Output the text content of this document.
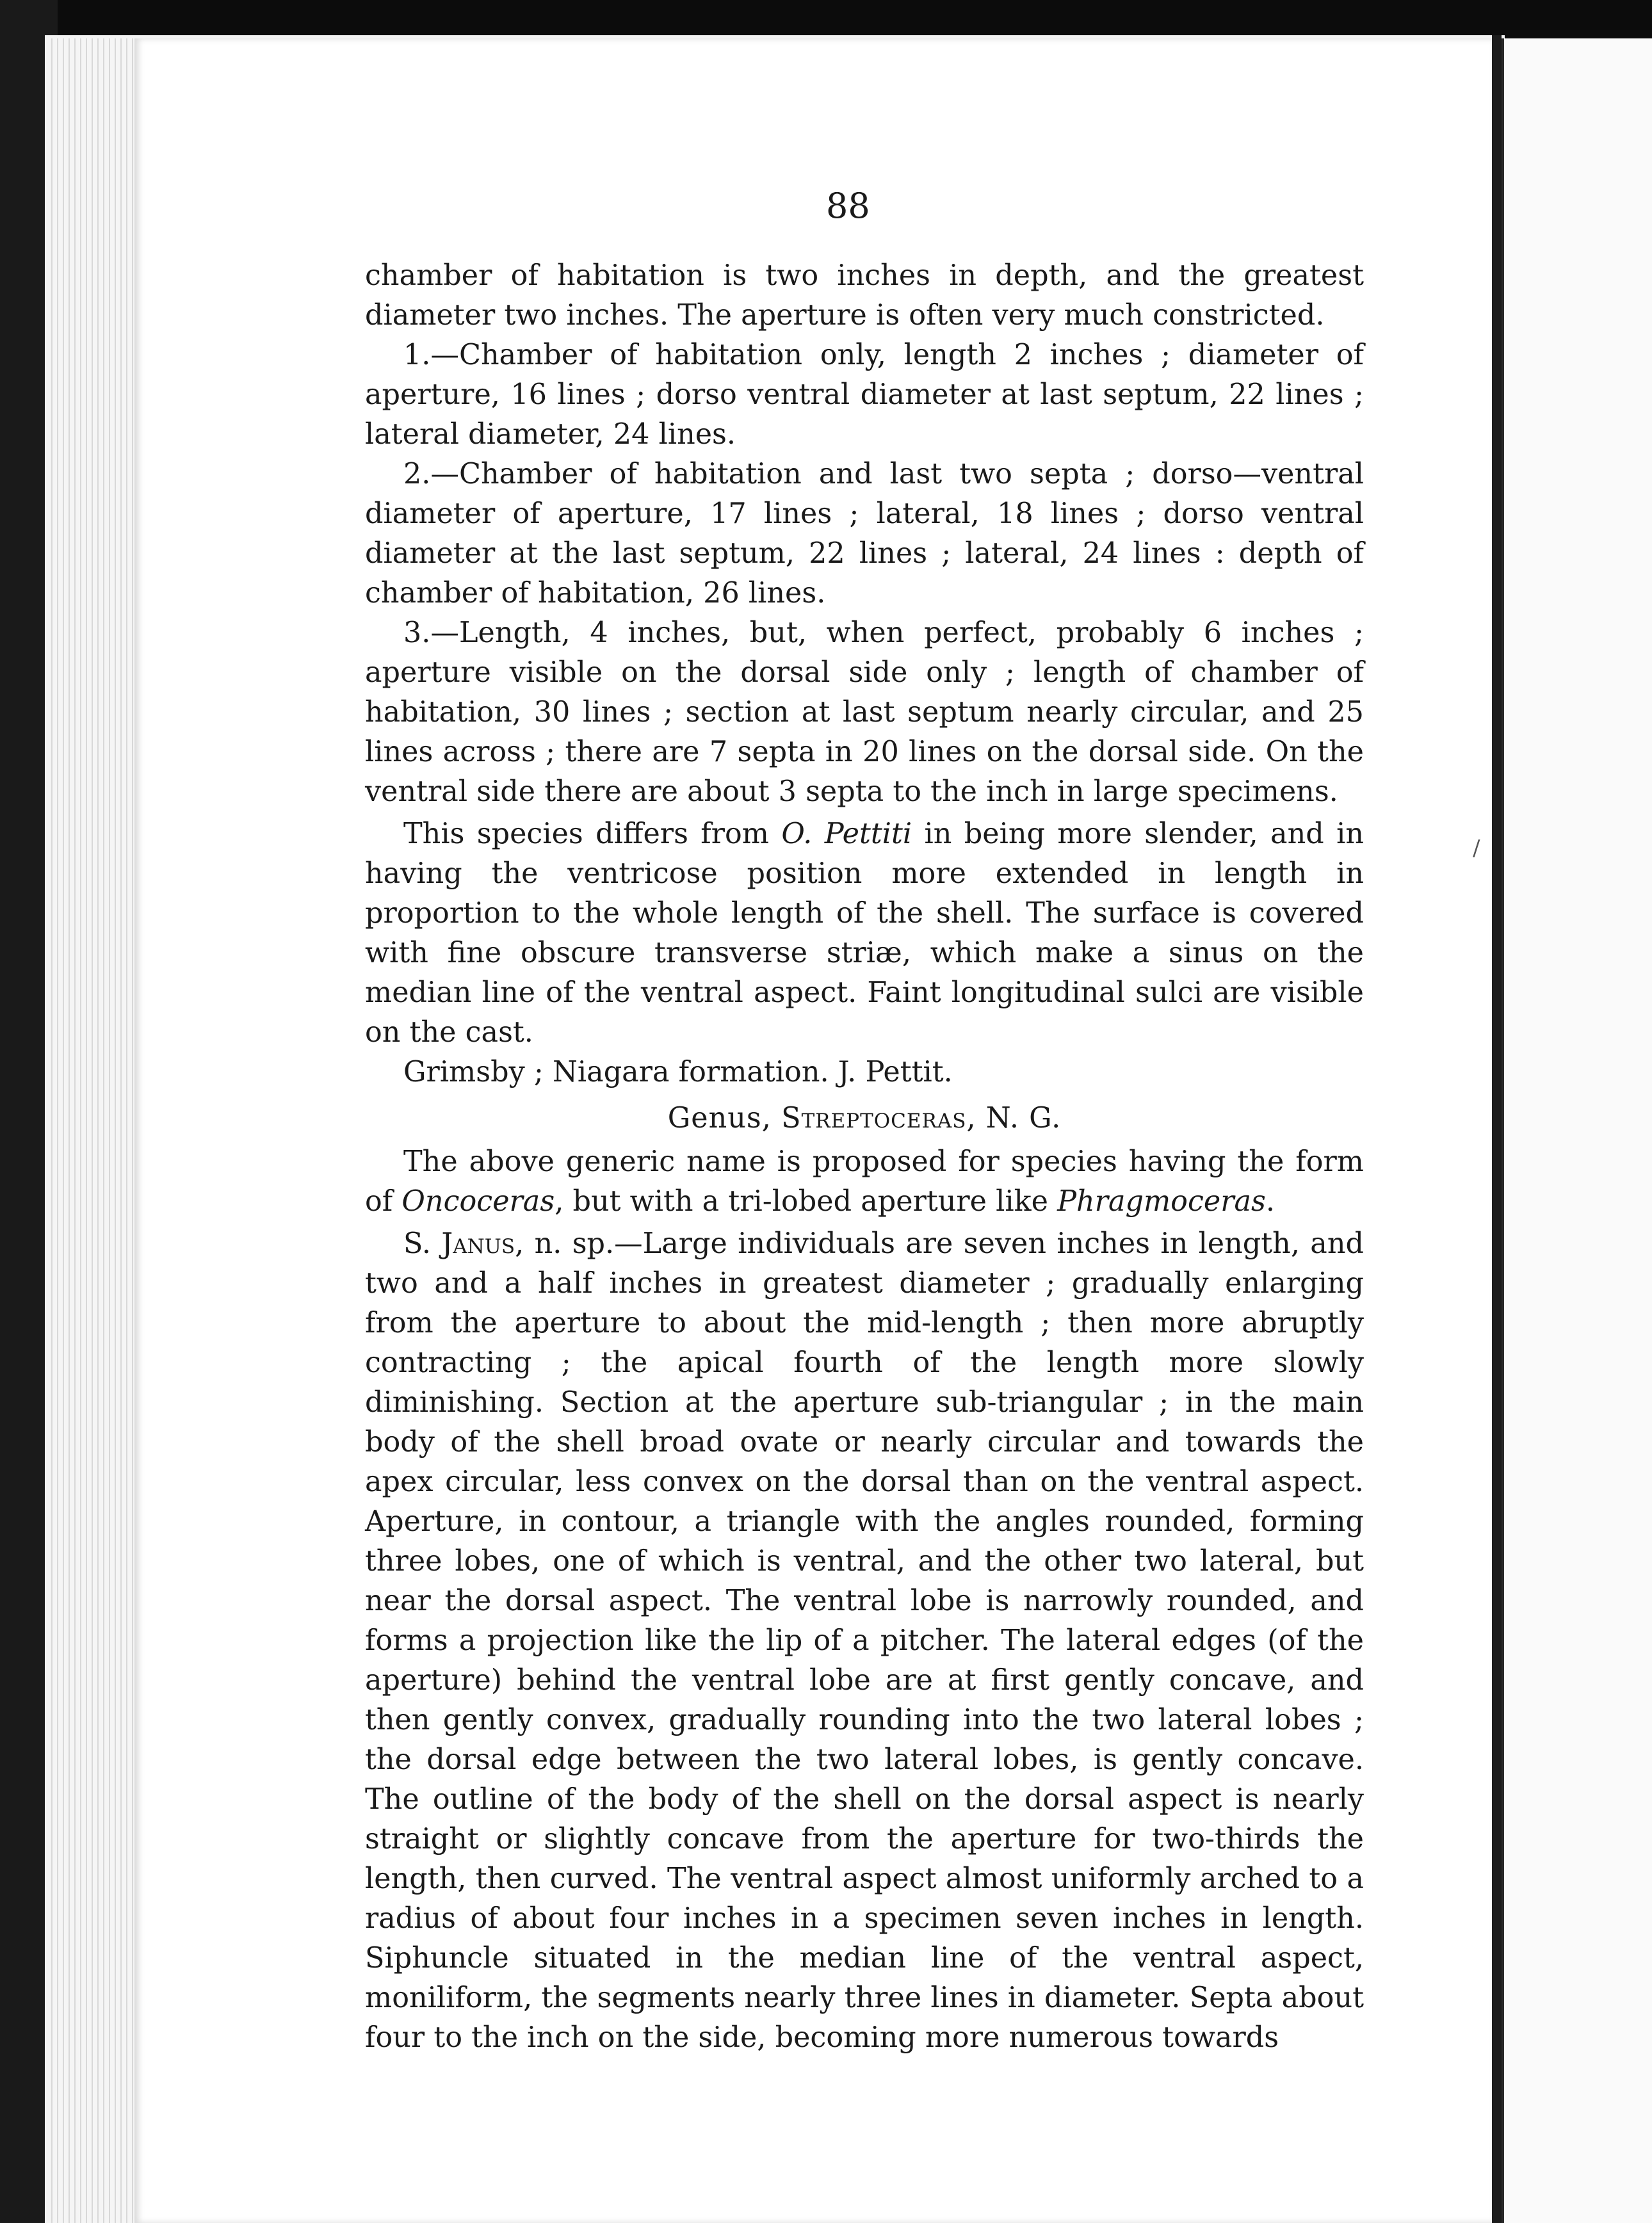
/
88

chamber of habitation is two inches in depth, and the greatest diameter two inches. The aperture is often very much constricted.

1.—Chamber of habitation only, length 2 inches ; diameter of aperture, 16 lines ; dorso ventral diameter at last septum, 22 lines ; lateral diameter, 24 lines.

2.—Chamber of habitation and last two septa ; dorso—ventral diameter of aperture, 17 lines ; lateral, 18 lines ; dorso ventral diameter at the last septum, 22 lines ; lateral, 24 lines : depth of chamber of habitation, 26 lines.

3.—Length, 4 inches, but, when perfect, probably 6 inches ; aperture visible on the dorsal side only ; length of chamber of habitation, 30 lines ; section at last septum nearly circular, and 25 lines across ; there are 7 septa in 20 lines on the dorsal side. On the ventral side there are about 3 septa to the inch in large specimens.

This species differs from O. Pettiti in being more slender, and in having the ventricose position more extended in length in proportion to the whole length of the shell. The surface is covered with fine obscure transverse striæ, which make a sinus on the median line of the ventral aspect. Faint longitudinal sulci are visible on the cast.

Grimsby ; Niagara formation. J. Pettit.

Genus, Streptoceras, N. G.

The above generic name is proposed for species having the form of Oncoceras, but with a tri-lobed aperture like Phragmoceras.

S. Janus, n. sp.—Large individuals are seven inches in length, and two and a half inches in greatest diameter ; gradually enlarging from the aperture to about the mid-length ; then more abruptly contracting ; the apical fourth of the length more slowly diminishing. Section at the aperture sub-triangular ; in the main body of the shell broad ovate or nearly circular and towards the apex circular, less convex on the dorsal than on the ventral aspect. Aperture, in contour, a triangle with the angles rounded, forming three lobes, one of which is ventral, and the other two lateral, but near the dorsal aspect. The ventral lobe is narrowly rounded, and forms a projection like the lip of a pitcher. The lateral edges (of the aperture) behind the ventral lobe are at first gently concave, and then gently convex, gradually rounding into the two lateral lobes ; the dorsal edge between the two lateral lobes, is gently concave. The outline of the body of the shell on the dorsal aspect is nearly straight or slightly concave from the aperture for two-thirds the length, then curved. The ventral aspect almost uniformly arched to a radius of about four inches in a specimen seven inches in length. Siphuncle situated in the median line of the ventral aspect, moniliform, the segments nearly three lines in diameter. Septa about four to the inch on the side, becoming more numerous towards
